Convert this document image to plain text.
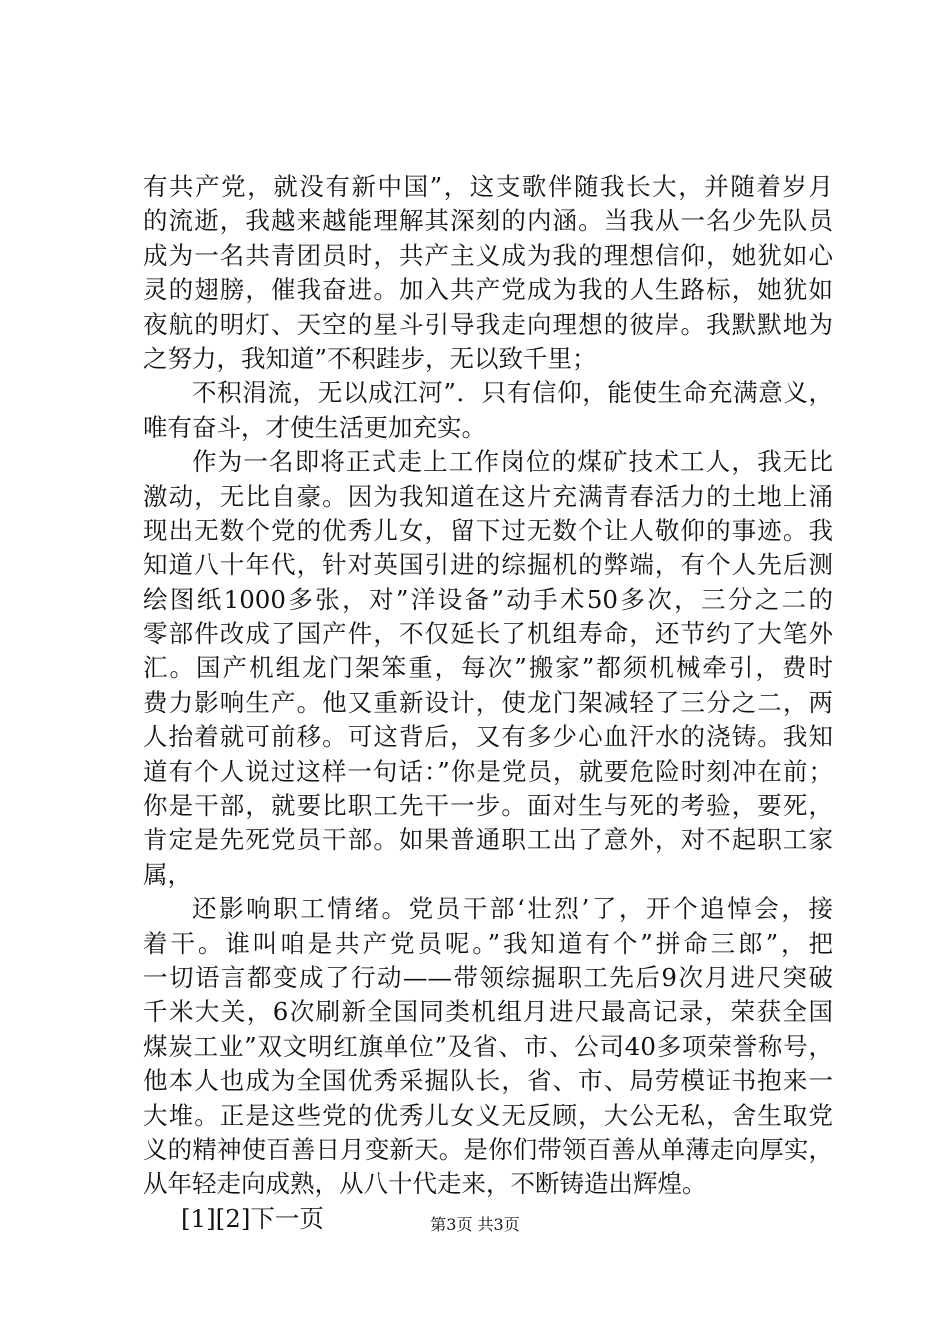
有共产党，就没有新中国”，这支歌伴随我长大，并随着岁月
的流逝，我越来越能理解其深刻的内涵。当我从一名少先队员
成为一名共青团员时，共产主义成为我的理想信仰，她犹如心
灵的翅膀，催我奋进。加入共产党成为我的人生路标，她犹如
夜航的明灯、天空的星斗引导我走向理想的彼岸。我默默地为
之努力，我知道”不积跬步，无以致千里；
不积涓流，无以成江河”．只有信仰，能使生命充满意义，
唯有奋斗，才使生活更加充实。
作为一名即将正式走上工作岗位的煤矿技术工人，我无比
激动，无比自豪。因为我知道在这片充满青春活力的土地上涌
现出无数个党的优秀儿女，留下过无数个让人敬仰的事迹。我
知道八十年代，针对英国引进的综掘机的弊端，有个人先后测
绘图纸1000多张，对”洋设备”动手术50多次，三分之二的
零部件改成了国产件，不仅延长了机组寿命，还节约了大笔外
汇。国产机组龙门架笨重，每次”搬家”都须机械牵引，费时
费力影响生产。他又重新设计，使龙门架减轻了三分之二，两
人抬着就可前移。可这背后，又有多少心血汗水的浇铸。我知
道有个人说过这样一句话：”你是党员，就要危险时刻冲在前；
你是干部，就要比职工先干一步。面对生与死的考验，要死，
肯定是先死党员干部。如果普通职工出了意外，对不起职工家
属，
还影响职工情绪。党员干部‘壮烈’了，开个追悼会，接
着干。谁叫咱是共产党员呢。”我知道有个”拼命三郎”，把
一切语言都变成了行动——带领综掘职工先后9次月进尺突破
千米大关，6次刷新全国同类机组月进尺最高记录，荣获全国
煤炭工业”双文明红旗单位”及省、市、公司40多项荣誉称号，
他本人也成为全国优秀采掘队长，省、市、局劳模证书抱来一
大堆。正是这些党的优秀儿女义无反顾，大公无私，舍生取党
义的精神使百善日月变新天。是你们带领百善从单薄走向厚实，
从年轻走向成熟，从八十代走来，不断铸造出辉煌。
[1][2]下一页	第3页 共3页
